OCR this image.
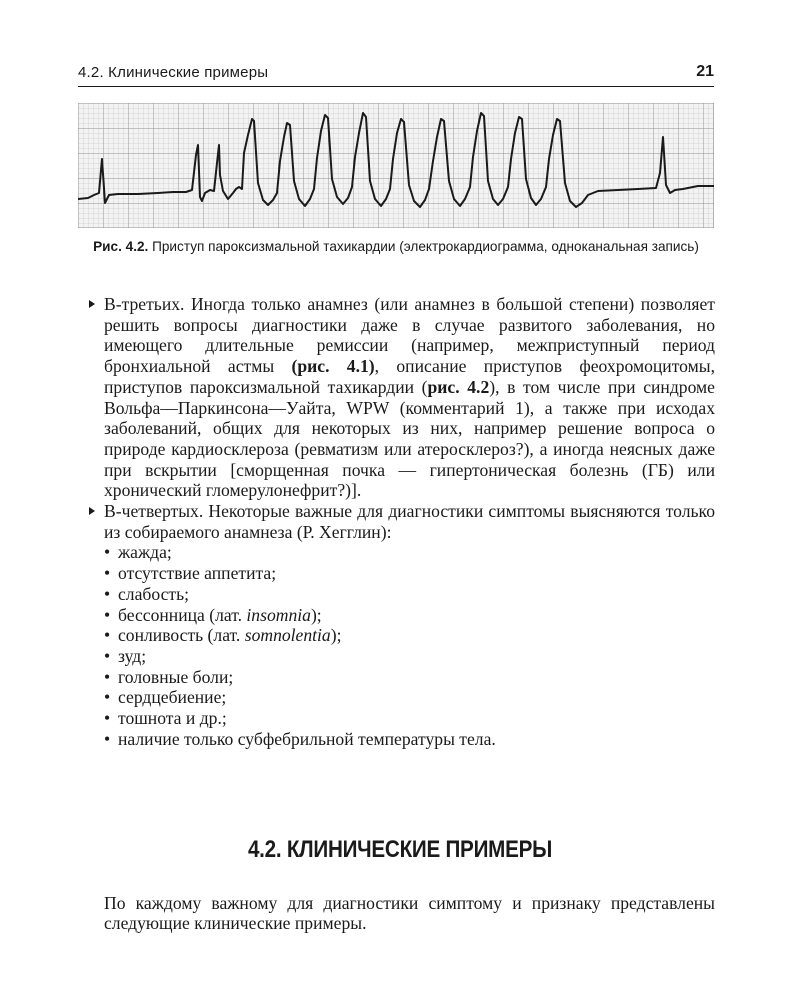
4.2. Клинические примеры	21
Рис. 4.2. Приступ пароксизмальной тахикардии (электрокардиограмма, одноканальная запись)

В-третьих. Иногда только анамнез (или анамнез в большой степени) позволяет решить вопросы диагностики даже в случае развитого заболевания, но имеющего длительные ремиссии (например, межприступный период бронхиальной астмы (рис. 4.1), описание приступов феохромоцитомы, приступов пароксизмальной тахикардии (рис. 4.2), в том числе при синдроме Вольфа—Паркинсона—Уайта, WPW (комментарий 1), а также при исходах заболеваний, общих для некоторых из них, например решение вопроса о природе кардиосклероза (ревматизм или атеросклероз?), а иногда неясных даже при вскрытии [сморщенная почка — гипертоническая болезнь (ГБ) или хронический гломерулонефрит?)].

В-четвертых. Некоторые важные для диагностики симптомы выясняются только из собираемого анамнеза (Р. Хегглин):

• жажда;
• отсутствие аппетита;
• слабость;
• бессонница (лат. insomnia);
• сонливость (лат. somnolentia);
• зуд;
• головные боли;
• сердцебиение;
• тошнота и др.;
• наличие только субфебрильной температуры тела.
4.2. КЛИНИЧЕСКИЕ ПРИМЕРЫ

По каждому важному для диагностики симптому и признаку представлены следующие клинические примеры.
